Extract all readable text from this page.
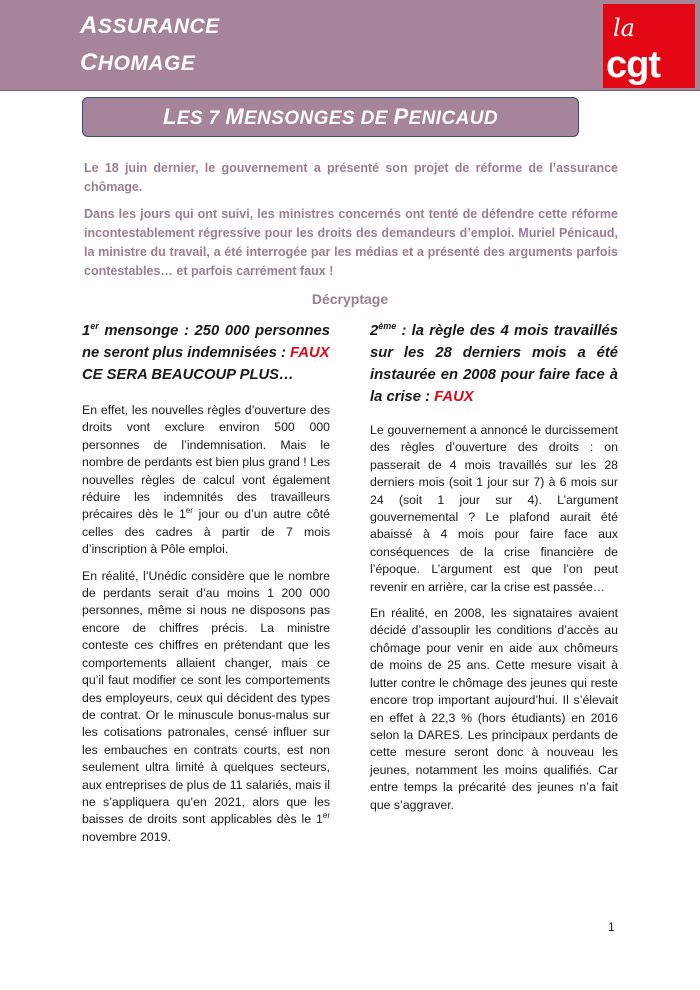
ASSURANCE

CHOMAGE

la
cgt
LES 7 MENSONGES DE PENICAUD

Le 18 juin dernier, le gouvernement a présenté son projet de réforme de l’assurance chômage.

Dans les jours qui ont suivi, les ministres concernés ont tenté de défendre cette réforme incontestablement régressive pour les droits des demandeurs d’emploi. Muriel Pénicaud, la ministre du travail, a été interrogée par les médias et a présenté des arguments parfois contestables… et parfois carrément faux !

Décryptage

1er mensonge : 250 000 personnes ne seront plus indemnisées : FAUX
CE SERA BEAUCOUP PLUS…

En effet, les nouvelles règles d’ouverture des droits vont exclure environ 500 000 personnes de l’indemnisation. Mais le nombre de perdants est bien plus grand ! Les nouvelles règles de calcul vont également réduire les indemnités des travailleurs précaires dès le 1er jour ou d’un autre côté celles des cadres à partir de 7 mois d’inscription à Pôle emploi.

En réalité, l’Unédic considère que le nombre de perdants serait d’au moins 1 200 000 personnes, même si nous ne disposons pas encore de chiffres précis. La ministre conteste ces chiffres en prétendant que les comportements allaient changer, mais ce qu’il faut modifier ce sont les comportements des employeurs, ceux qui décident des types de contrat. Or le minuscule bonus-malus sur les cotisations patronales, censé influer sur les embauches en contrats courts, est non seulement ultra limité à quelques secteurs, aux entreprises de plus de 11 salariés, mais il ne s’appliquera qu’en 2021, alors que les baisses de droits sont applicables dès le 1er novembre 2019.

2ème : la règle des 4 mois travaillés sur les 28 derniers mois a été instaurée en 2008 pour faire face à la crise : FAUX

Le gouvernement a annoncé le durcissement des règles d’ouverture des droits : on passerait de 4 mois travaillés sur les 28 derniers mois (soit 1 jour sur 7) à 6 mois sur 24 (soit 1 jour sur 4). L’argument gouvernemental ? Le plafond aurait été abaissé à 4 mois pour faire face aux conséquences de la crise financière de l’époque. L’argument est que l’on peut revenir en arrière, car la crise est passée…

En réalité, en 2008, les signataires avaient décidé d’assouplir les conditions d’accès au chômage pour venir en aide aux chômeurs de moins de 25 ans. Cette mesure visait à lutter contre le chômage des jeunes qui reste encore trop important aujourd’hui. Il s’élevait en effet à 22,3 % (hors étudiants) en 2016 selon la DARES. Les principaux perdants de cette mesure seront donc à nouveau les jeunes, notamment les moins qualifiés. Car entre temps la précarité des jeunes n’a fait que s’aggraver.

1
